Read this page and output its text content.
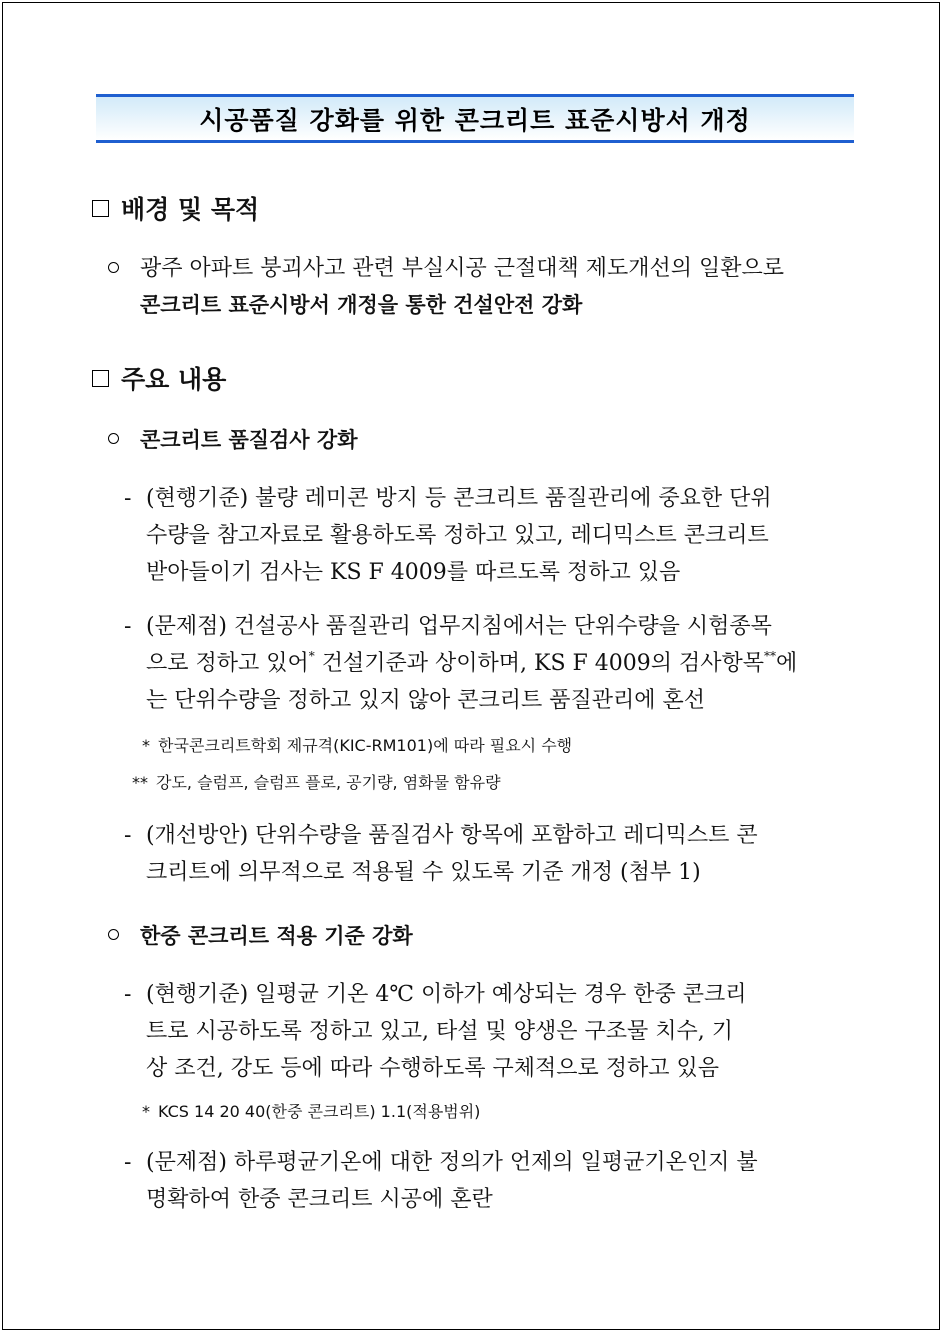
시공품질 강화를 위한 콘크리트 표준시방서 개정
배경 및 목적
광주 아파트 붕괴사고 관련 부실시공 근절대책 제도개선의 일환으로
콘크리트 표준시방서 개정을 통한 건설안전 강화
주요 내용
콘크리트 품질검사 강화
- (현행기준) 불량 레미콘 방지 등 콘크리트 품질관리에 중요한 단위
수량을 참고자료로 활용하도록 정하고 있고, 레디믹스트 콘크리트
받아들이기 검사는 KS F 4009를 따르도록 정하고 있음
- (문제점) 건설공사 품질관리 업무지침에서는 단위수량을 시험종목
으로 정하고 있어* 건설기준과 상이하며, KS F 4009의 검사항목**에
는 단위수량을 정하고 있지 않아 콘크리트 품질관리에 혼선
* 한국콘크리트학회 제규격(KIC-RM101)에 따라 필요시 수행
** 강도, 슬럼프, 슬럼프 플로, 공기량, 염화물 함유량
- (개선방안) 단위수량을 품질검사 항목에 포함하고 레디믹스트 콘
크리트에 의무적으로 적용될 수 있도록 기준 개정 (첨부 1)
한중 콘크리트 적용 기준 강화
- (현행기준) 일평균 기온 4℃ 이하가 예상되는 경우 한중 콘크리
트로 시공하도록 정하고 있고, 타설 및 양생은 구조물 치수, 기
상 조건, 강도 등에 따라 수행하도록 구체적으로 정하고 있음
* KCS 14 20 40(한중 콘크리트) 1.1(적용범위)
- (문제점) 하루평균기온에 대한 정의가 언제의 일평균기온인지 불
명확하여 한중 콘크리트 시공에 혼란
